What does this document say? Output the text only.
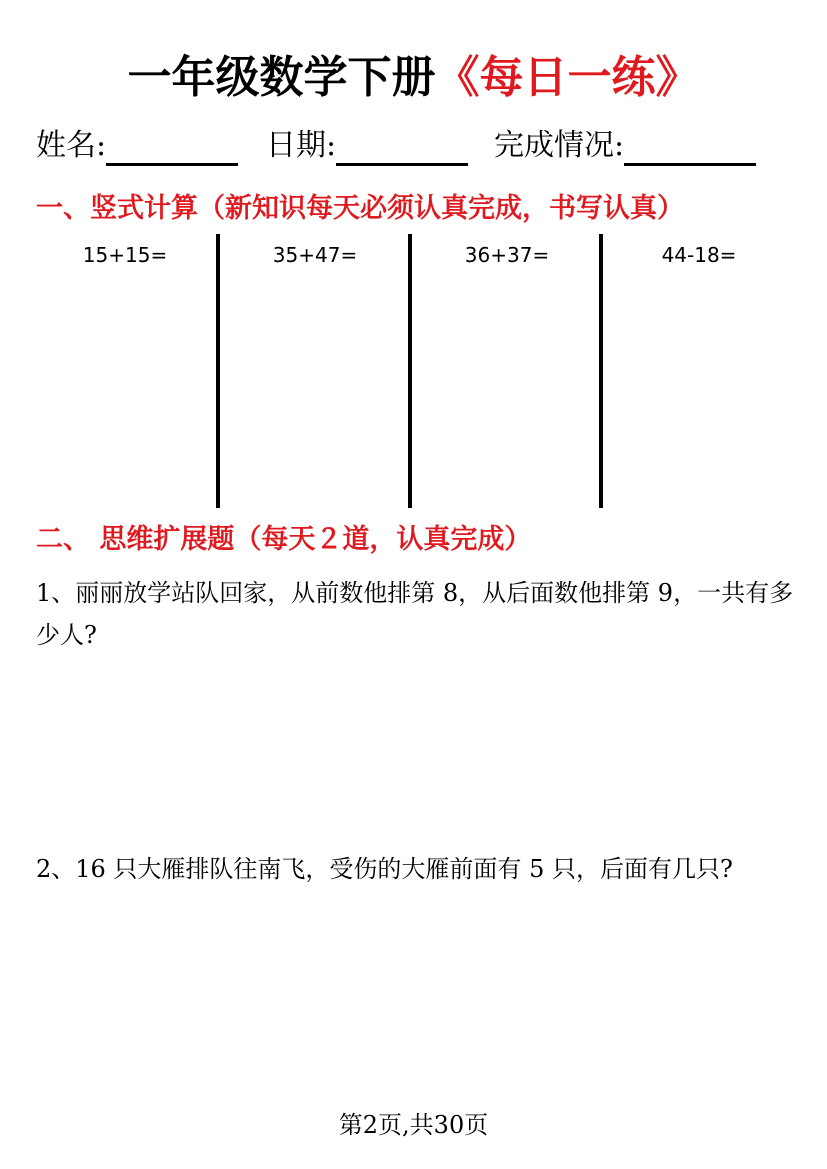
一年级数学下册《每日一练》
姓名:	日期:	完成情况:
一、竖式计算（新知识每天必须认真完成，书写认真）
15+15=	35+47=	36+37=	44-18=
二、 思维扩展题（每天２道，认真完成）
1、丽丽放学站队回家，从前数他排第 8，从后面数他排第 9，一共有多少人?
2、16 只大雁排队往南飞，受伤的大雁前面有 5 只，后面有几只?
第2页,共30页
